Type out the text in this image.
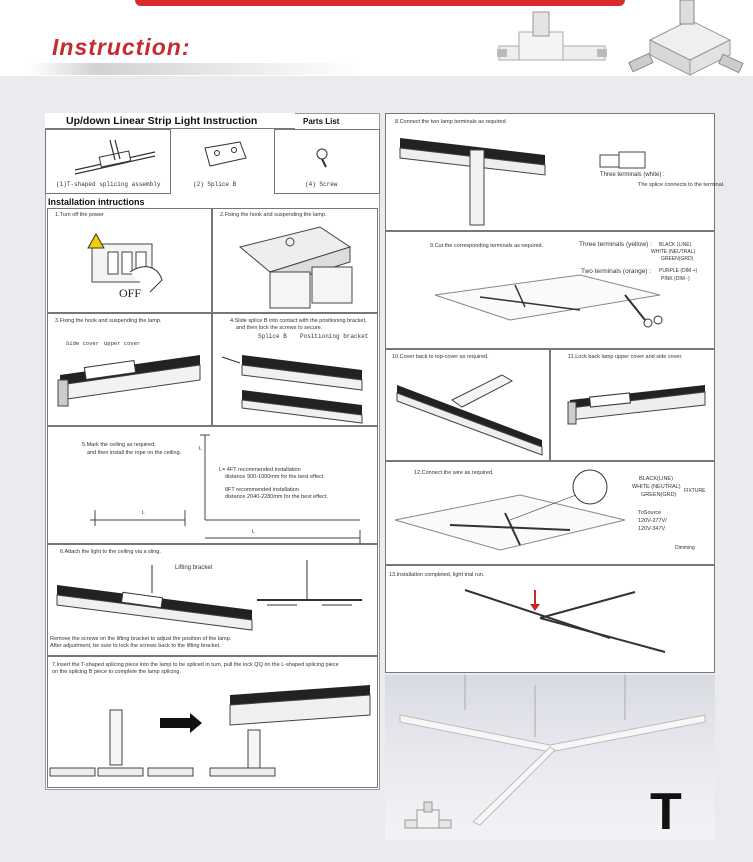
Instruction:
Up/down Linear Strip Light Instruction	Parts List
(1)T-shaped splicing assembly	(2) Splice B	(4) Screw
Installation intructions
1.Turn off the power
OFF
2.Fixing the hook and suspending the lamp.
3.Fixing the hook and suspending the lamp.
Side cover Upper cover
4.Slide splice B into contact with the positioning bracket,
and then lock the screws to secure.
Splice B Positioning bracket
5.Mark the ceiling as required,
and then install the rope on the ceiling.
L= 4FT recommended installation
distance 900-1000mm for the best effect.
8FT recommended installation
distance 2040-2280mm for the best effect.
L
L
L
6.Attach the light to the ceiling via a sling.
Lifting bracket
Remove the screws on the lifting bracket to adjust the position of the lamp.
After adjustment, be sure to lock the screws back to the lifting bracket.
7.Insert the T-shaped splicing piece into the lamp to be spliced in turn, pull the lock QQ on the L-shaped splicing piece
on the splicing B piece to complete the lamp splicing.
8.Connect the two lamp terminals as required
Three terminals (white) :
The splice connects to the terminal.
9.Cut the corresponding terminals as required.	Three terminals (yellow) : BLACK (LINE)
WHITE (NEUTRAL)
GREEN(GRD)
Two terminals (orange) : PURPLE (DIM +)
PINK (DIM -)
10.Cover back to top-cover as required.	11.Lock back lamp upper cover and side cover.
12.Connect the wire as required.
BLACK(LINE)
WHITE (NEUTRAL)
GREEN(GRD)
FIXTURE
ToSource
120V-277V/
120V-347V
Dimming
13.Installation completed, light trial run.
T
